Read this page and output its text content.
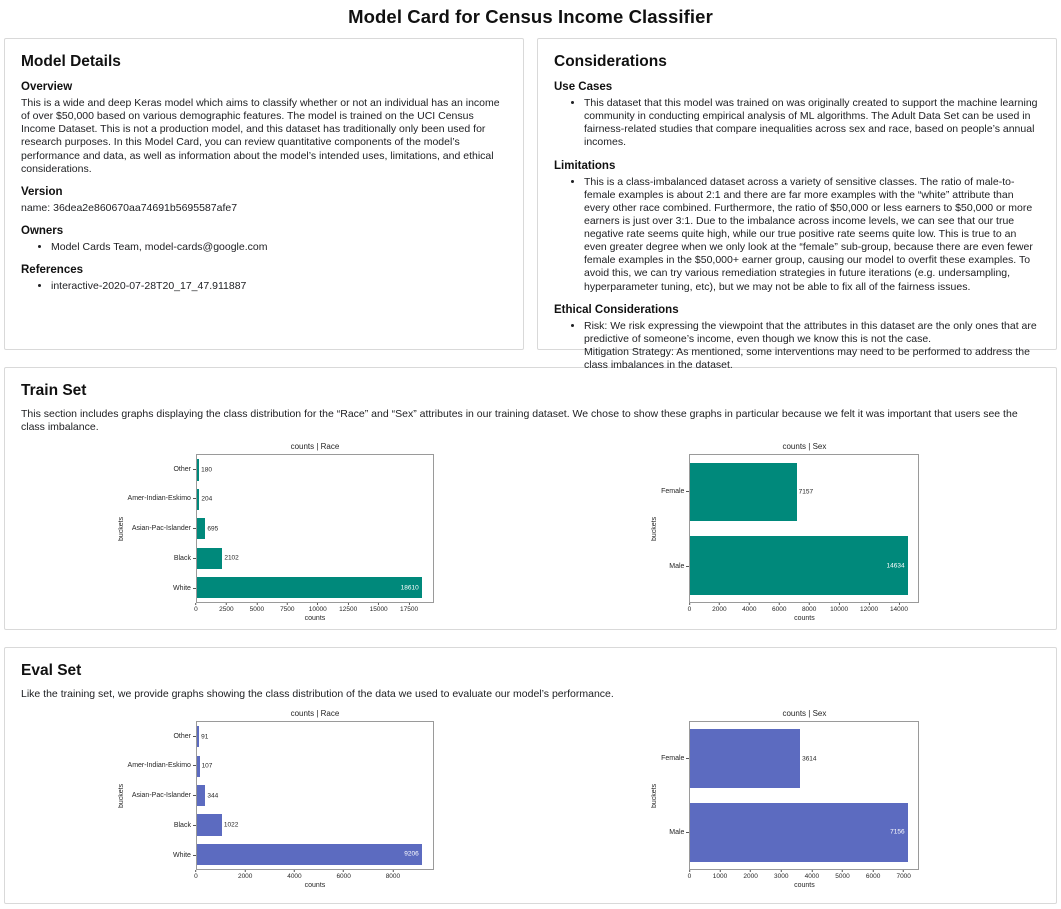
Model Card for Census Income Classifier
Model Details
Overview

This is a wide and deep Keras model which aims to classify whether or not an individual has an income of over $50,000 based on various demographic features. The model is trained on the UCI Census Income Dataset. This is not a production model, and this dataset has traditionally only been used for research purposes. In this Model Card, you can review quantitative components of the model’s performance and data, as well as information about the model’s intended uses, limitations, and ethical considerations.

Version

name: 36dea2e860670aa74691b5695587afe7

Owners
• Model Cards Team, model-cards@google.com
References
• interactive-2020-07-28T20_17_47.911887
Considerations
Use Cases
• This dataset that this model was trained on was originally created to support the machine learning community in conducting empirical analysis of ML algorithms. The Adult Data Set can be used in fairness-related studies that compare inequalities across sex and race, based on people’s annual incomes.
Limitations
• This is a class-imbalanced dataset across a variety of sensitive classes. The ratio of male-to-female examples is about 2:1 and there are far more examples with the “white” attribute than every other race combined. Furthermore, the ratio of $50,000 or less earners to $50,000 or more earners is just over 3:1. Due to the imbalance across income levels, we can see that our true negative rate seems quite high, while our true positive rate seems quite low. This is true to an even greater degree when we only look at the “female” sub-group, because there are even fewer female examples in the $50,000+ earner group, causing our model to overfit these examples. To avoid this, we can try various remediation strategies in future iterations (e.g. undersampling, hyperparameter tuning, etc), but we may not be able to fix all of the fairness issues.
Ethical Considerations
• Risk: We risk expressing the viewpoint that the attributes in this dataset are the only ones that are predictive of someone’s income, even though we know this is not the case.
Mitigation Strategy: As mentioned, some interventions may need to be performed to address the class imbalances in the dataset.
Train Set

This section includes graphs displaying the class distribution for the “Race” and “Sex” attributes in our training dataset. We chose to show these graphs in particular because we felt it was important that users see the class imbalance.

buckets
Other
Amer-Indian-Eskimo
Asian-Pac-Islander
Black
White
counts | Race
180
204
695
2102
18610
0	2500 5000 7500 10000 12500 15000 17500
counts
buckets
Female
Male
counts | Sex
7157
14634
0	2000 4000 6000 8000 10000 12000 14000
counts
Eval Set

Like the training set, we provide graphs showing the class distribution of the data we used to evaluate our model’s performance.

buckets
Other
Amer-Indian-Eskimo
Asian-Pac-Islander
Black
White
counts | Race
91
107
344
1022
9206
0	2000	4000	6000	8000
counts
buckets
Female
Male
counts | Sex
3614
7156
0	1000 2000 3000 4000 5000 6000 7000
counts
